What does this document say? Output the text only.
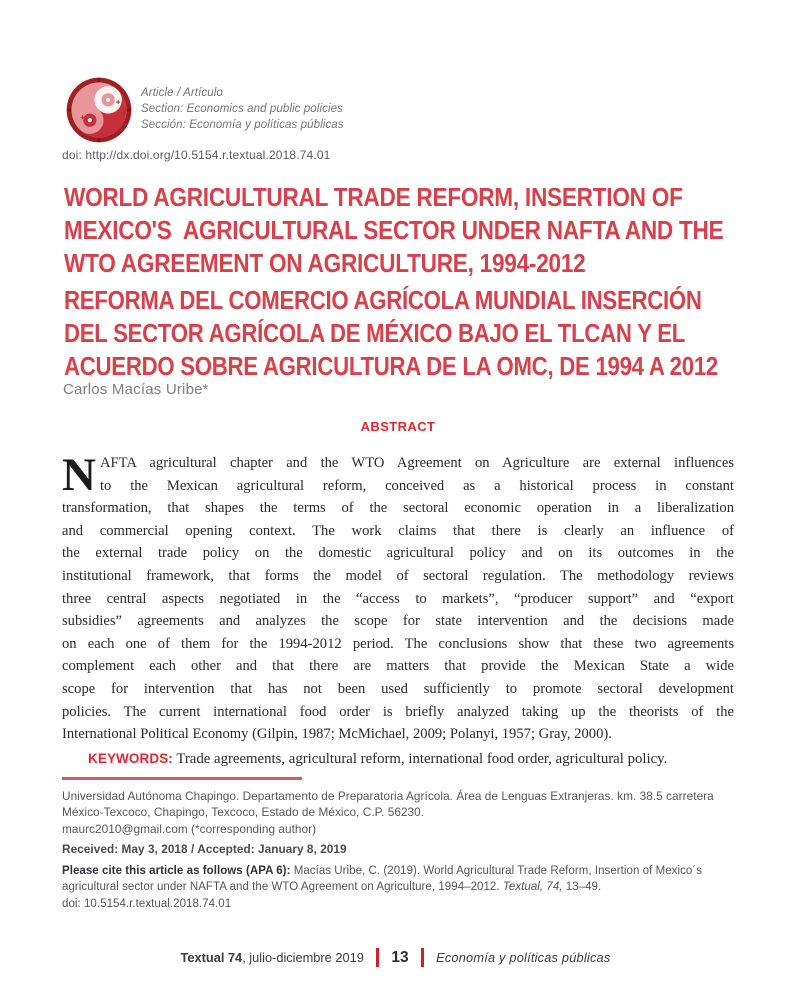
Article / Artículo
Section: Economics and public policies
Sección: Economía y políticas públicas
doi: http://dx.doi.org/10.5154.r.textual.2018.74.01
WORLD AGRICULTURAL TRADE REFORM, INSERTION OF
MEXICO'S  AGRICULTURAL SECTOR UNDER NAFTA AND THE
WTO AGREEMENT ON AGRICULTURE, 1994-2012
REFORMA DEL COMERCIO AGRÍCOLA MUNDIAL INSERCIÓN
DEL SECTOR AGRÍCOLA DE MÉXICO BAJO EL TLCAN Y EL
ACUERDO SOBRE AGRICULTURA DE LA OMC, DE 1994 A 2012
Carlos Macías Uribe*
ABSTRACT
N AFTA agricultural chapter and the WTO Agreement on Agriculture are external influences
to the Mexican agricultural reform, conceived as a historical process in constant
transformation, that shapes the terms of the sectoral economic operation in a liberalization
and commercial opening context. The work claims that there is clearly an influence of
the external trade policy on the domestic agricultural policy and on its outcomes in the
institutional framework, that forms the model of sectoral regulation. The methodology reviews
three central aspects negotiated in the “access to markets”, “producer support” and “export
subsidies” agreements and analyzes the scope for state intervention and the decisions made
on each one of them for the 1994-2012 period. The conclusions show that these two agreements
complement each other and that there are matters that provide the Mexican State a wide
scope for intervention that has not been used sufficiently to promote sectoral development
policies. The current international food order is briefly analyzed taking up the theorists of the
International Political Economy (Gilpin, 1987; McMichael, 2009; Polanyi, 1957; Gray, 2000).
KEYWORDS: Trade agreements, agricultural reform, international food order, agricultural policy.
Universidad Autónoma Chapingo. Departamento de Preparatoria Agrícola. Área de Lenguas Extranjeras. km. 38.5 carretera
México-Texcoco, Chapingo, Texcoco, Estado de México, C.P. 56230.
maurc2010@gmail.com (*corresponding author)
Received: May 3, 2018 / Accepted: January 8, 2019
Please cite this article as follows (APA 6): Macías Uribe, C. (2019). World Agricultural Trade Reform, Insertion of Mexico´s
agricultural sector under NAFTA and the WTO Agreement on Agriculture, 1994–2012. Textual, 74, 13–49.
doi: 10.5154.r.textual.2018.74.01
Textual 74, julio-diciembre 2019 13 Economía y políticas públicas
